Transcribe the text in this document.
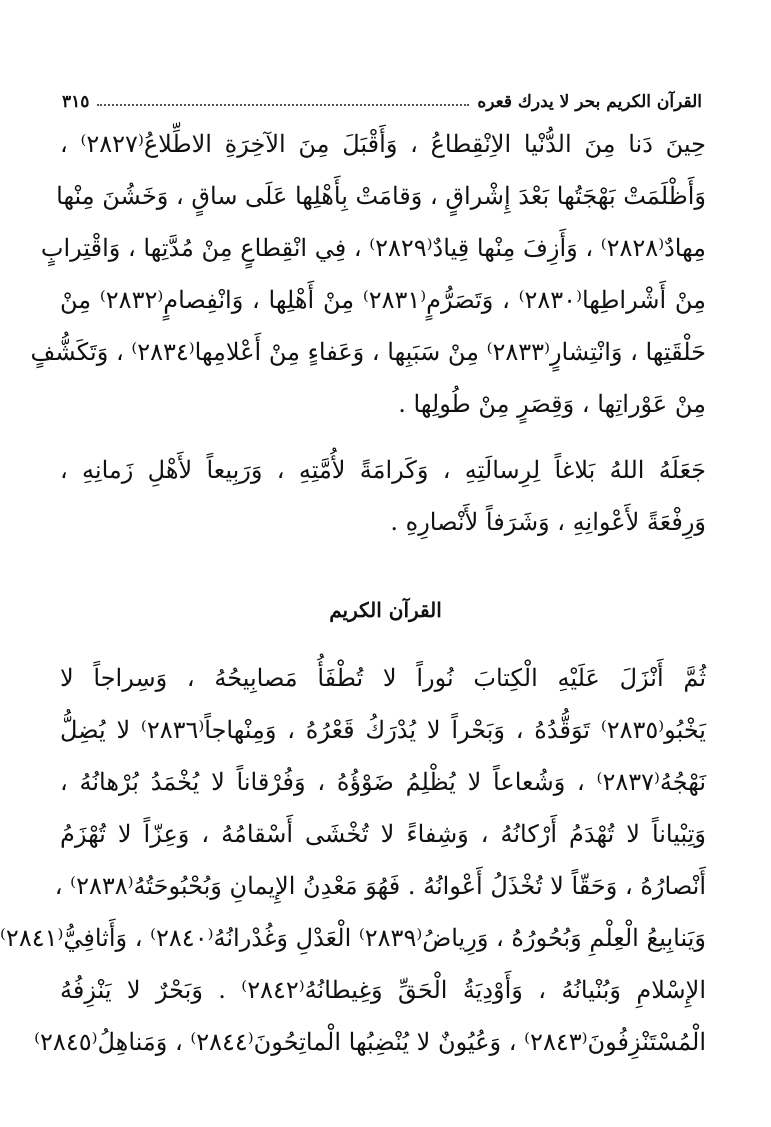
القرآن الكريم بحر لا يدرك قعره
٣١٥
حِينَ دَنا مِنَ الدُّنْيا الاِنْقِطاعُ ، وَأَقْبَلَ مِنَ الآخِرَةِ الاطِّلاعُ⁽٢٨٢٧⁾ ،
وَأَظْلَمَتْ بَهْجَتُها بَعْدَ إِشْراقٍ ، وَقامَتْ بِأَهْلِها عَلَى ساقٍ ، وَخَشُنَ مِنْها
مِهادٌ⁽٢٨٢٨⁾ ، وَأَزِفَ مِنْها قِيادٌ⁽٢٨٢٩⁾ ، فِي انْقِطاعٍ مِنْ مُدَّتِها ، وَاقْتِرابٍ
مِنْ أَشْراطِها⁽٢٨٣٠⁾ ، وَتَصَرُّمٍ⁽٢٨٣١⁾ مِنْ أَهْلِها ، وَانْفِصامٍ⁽٢٨٣٢⁾ مِنْ
حَلْقَتِها ، وَانْتِشارٍ⁽٢٨٣٣⁾ مِنْ سَبَبِها ، وَعَفاءٍ مِنْ أَعْلامِها⁽٢٨٣٤⁾ ، وَتَكَشُّفٍ
مِنْ عَوْراتِها ، وَقِصَرٍ مِنْ طُولِها .
جَعَلَهُ اللهُ بَلاغاً لِرِسالَتِهِ ، وَكَرامَةً لأُمَّتِهِ ، وَرَبِيعاً لأَهْلِ زَمانِهِ ،
وَرِفْعَةً لأَعْوانِهِ ، وَشَرَفاً لأَنْصارِهِ .
القرآن الكريم
ثُمَّ أَنْزَلَ عَلَيْهِ الْكِتابَ نُوراً لا تُطْفَأُ مَصابِيحُهُ ، وَسِراجاً لا
يَخْبُو⁽٢٨٣٥⁾ تَوَقُّدُهُ ، وَبَحْراً لا يُدْرَكُ قَعْرُهُ ، وَمِنْهاجاً⁽٢٨٣٦⁾ لا يُضِلُّ
نَهْجُهُ⁽٢٨٣٧⁾ ، وَشُعاعاً لا يُظْلِمُ ضَوْؤُهُ ، وَفُرْقاناً لا يُخْمَدُ بُرْهانُهُ ،
وَتِبْياناً لا تُهْدَمُ أَرْكانُهُ ، وَشِفاءً لا تُخْشَى أَسْقامُهُ ، وَعِزّاً لا تُهْزَمُ
أَنْصارُهُ ، وَحَقّاً لا تُخْذَلُ أَعْوانُهُ . فَهُوَ مَعْدِنُ الإِيمانِ وَبُحْبُوحَتُهُ⁽٢٨٣٨⁾ ،
وَيَنابِيعُ الْعِلْمِ وَبُحُورُهُ ، وَرِياضُ⁽٢٨٣٩⁾ الْعَدْلِ وَغُدْرانُهُ⁽٢٨٤٠⁾ ، وَأَثافِيُّ⁽٢٨٤١⁾
الإِسْلامِ وَبُنْيانُهُ ، وَأَوْدِيَةُ الْحَقِّ وَغِيطانُهُ⁽٢٨٤٢⁾ . وَبَحْرٌ لا يَنْزِفُهُ
الْمُسْتَنْزِفُونَ⁽٢٨٤٣⁾ ، وَعُيُونٌ لا يُنْضِبُها الْماتِحُونَ⁽٢٨٤٤⁾ ، وَمَناهِلُ⁽٢٨٤٥⁾
